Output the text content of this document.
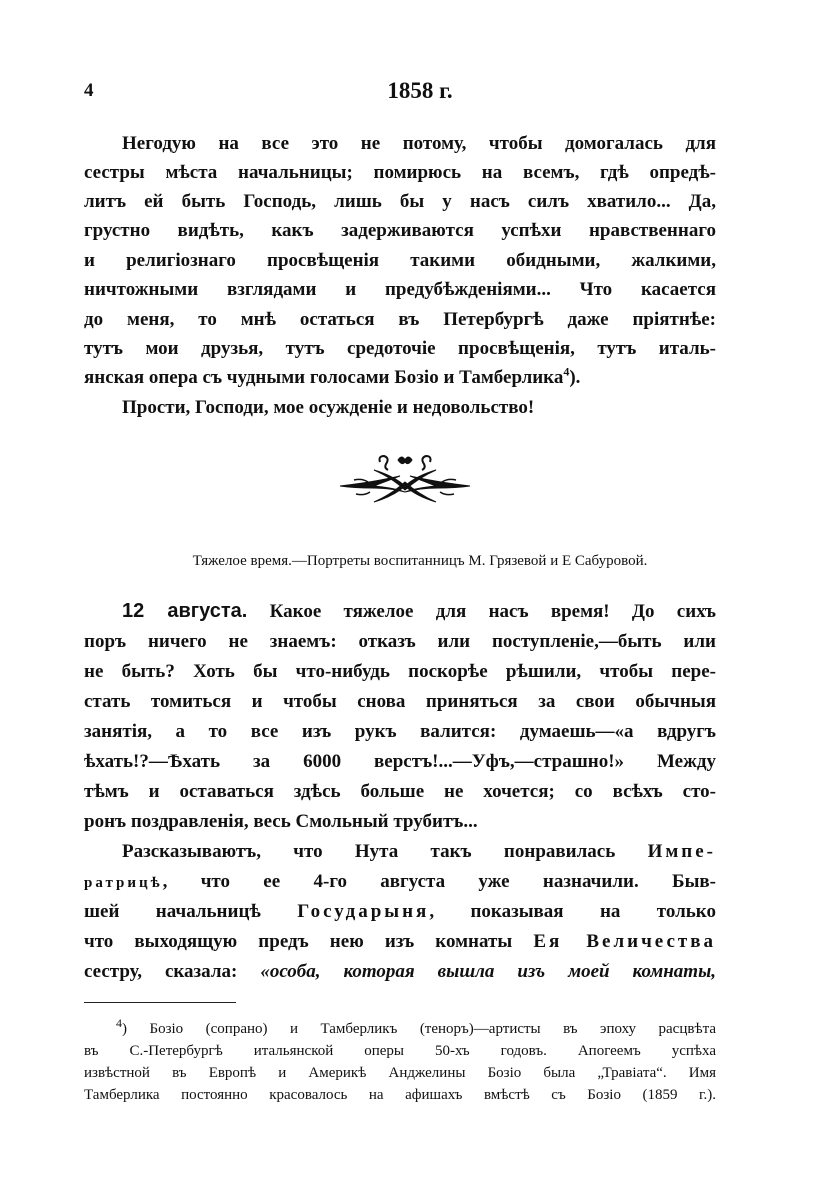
4	1858 г.

Негодую на все это не потому, чтобы домогалась для

сестры мѣста начальницы; помирюсь на всемъ, гдѣ опредѣ-

литъ ей быть Господь, лишь бы у насъ силъ хватило... Да,

грустно видѣть, какъ задерживаются успѣхи нравственнаго

и религіознаго просвѣщенія такими обидными, жалкими,

ничтожными взглядами и предубѣжденіями... Что касается

до меня, то мнѣ остаться въ Петербургѣ даже пріятнѣе:

тутъ мои друзья, тутъ средоточіе просвѣщенія, тутъ италь-

янская опера съ чудными голосами Бозіо и Тамберлика$^4$).

Прости, Господи, мое осужденіе и недовольство!

Тяжелое время.—Портреты воспитанницъ М. Грязевой и Е Сабуровой.

12 августа. Какое тяжелое для насъ время! До сихъ

поръ ничего не знаемъ: отказъ или поступленіе,—быть или

не быть? Хоть бы что-нибудь поскорѣе рѣшили, чтобы пере-

стать томиться и чтобы снова приняться за свои обычныя

занятія, а то все изъ рукъ валится: думаешь—«а вдругъ

ѣхать!?—Ѣхать за 6000 верстъ!...—Уфъ,—страшно!» Между

тѣмъ и оставаться здѣсь больше не хочется; со всѣхъ сто-

ронъ поздравленія, весь Смольный трубитъ...

Разсказываютъ, что Нута такъ понравилась Импе-

ратрицѣ, что ее 4-го августа уже назначили. Быв-

шей начальницѣ Государыня, показывая на только

что выходящую предъ нею изъ комнаты Ея Величества

сестру, сказала: «особа, которая вышла изъ моей комнаты,

$^4$) Бозіо (сопрано) и Тамберликъ (теноръ)—артисты въ эпоху расцвѣта

въ С.-Петербургѣ итальянской оперы 50-хъ годовъ. Апогеемъ успѣха

извѣстной въ Европѣ и Америкѣ Анджелины Бозіо была „Травіата“. Имя

Тамберлика постоянно красовалось на афишахъ вмѣстѣ съ Бозіо (1859 г.).
